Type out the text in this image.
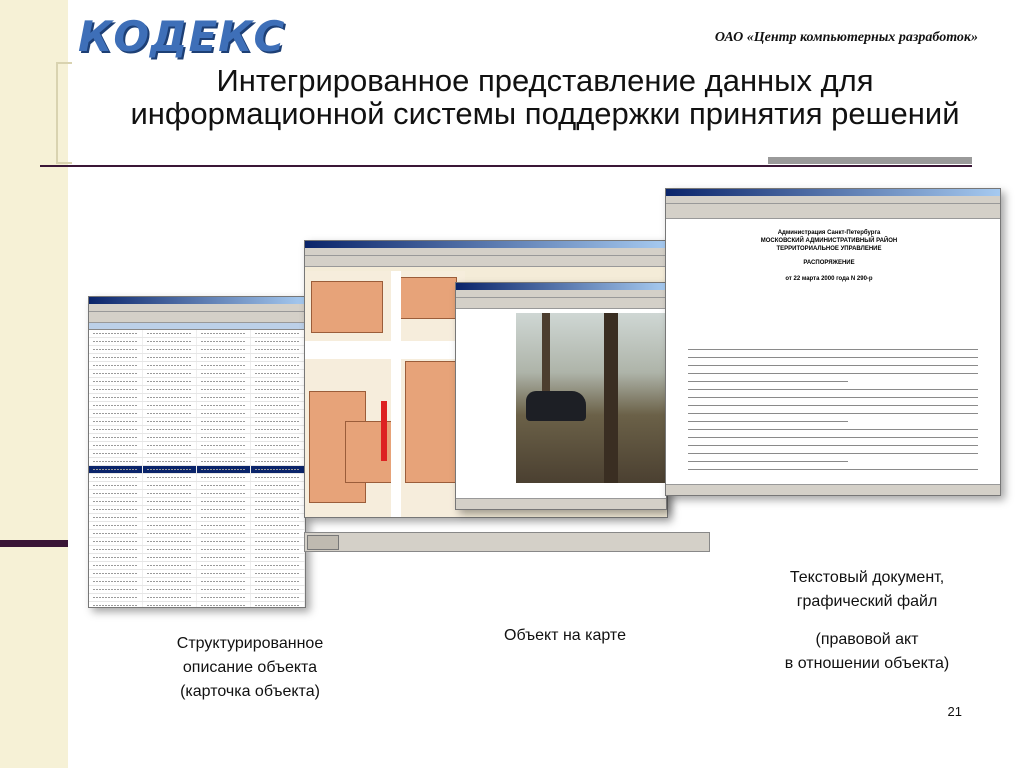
КОДЕКС	ОАО «Центр компьютерных разработок»
Интегрированное представление данных для
информационной системы поддержки принятия решений
Администрация Санкт-Петербурга
МОСКОВСКИЙ АДМИНИСТРАТИВНЫЙ РАЙОН
ТЕРРИТОРИАЛЬНОЕ УПРАВЛЕНИЕ
РАСПОРЯЖЕНИЕ
от 22 марта 2000 года N 290-р
Структурированное
описание объекта
(карточка объекта)
Объект на карте
Текстовый документ,
графический файл
(правовой акт
в отношении объекта)
21
